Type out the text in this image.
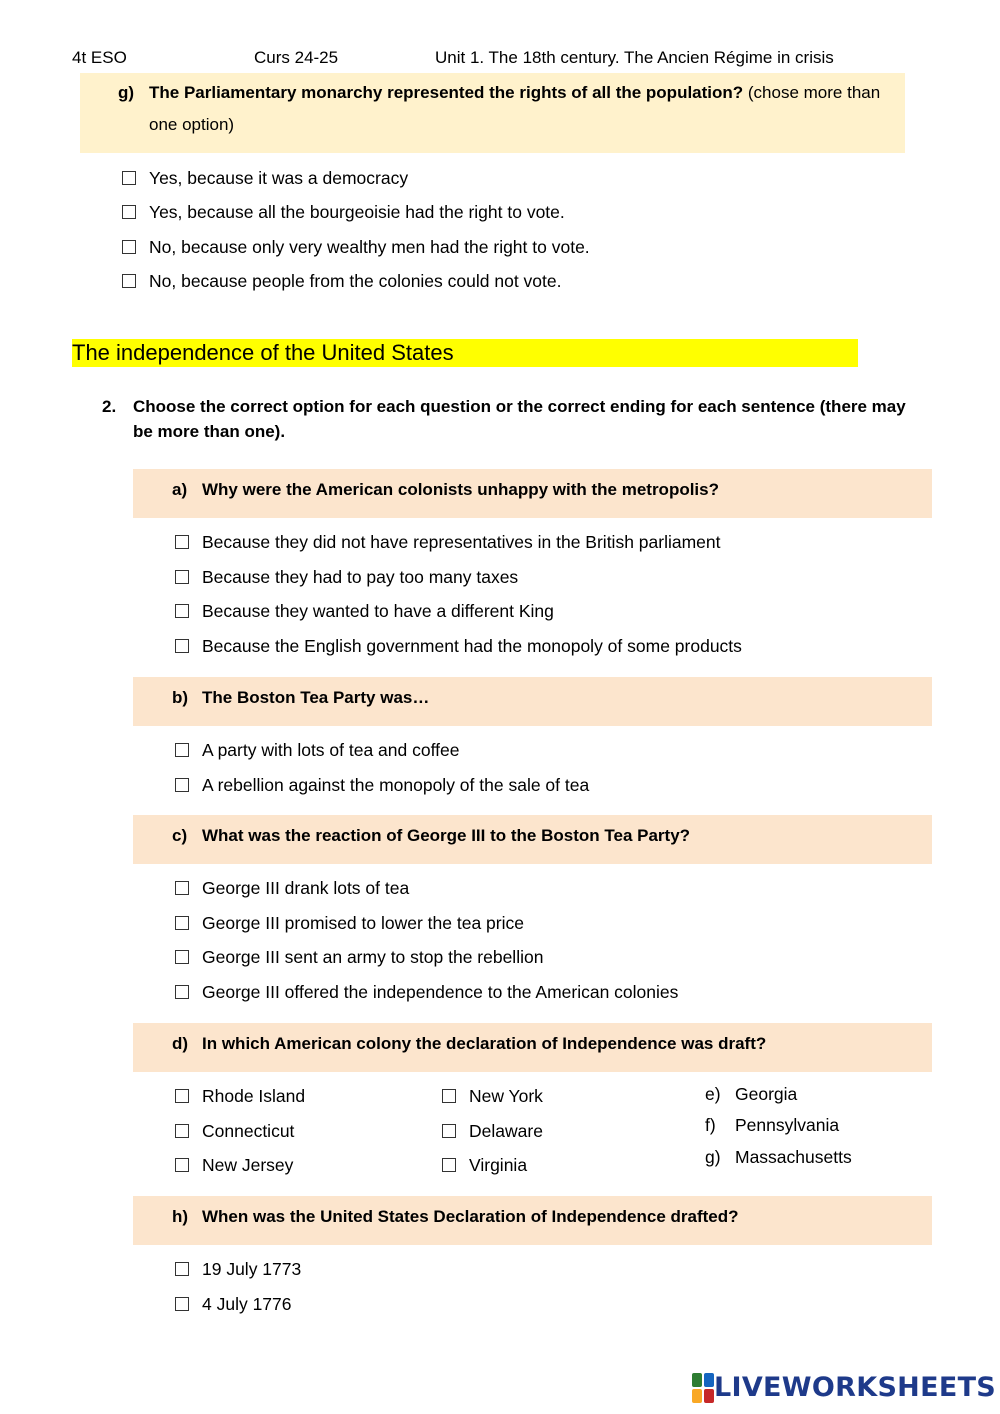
4t ESO	Curs 24-25	Unit 1. The 18th century. The Ancien Régime in crisis
g) The Parliamentary monarchy represented the rights of all the population? (chose more than one option)
Yes, because it was a democracy
Yes, because all the bourgeoisie had the right to vote.
No, because only very wealthy men had the right to vote.
No, because people from the colonies could not vote.
The independence of the United States
2. Choose the correct option for each question or the correct ending for each sentence (there may be more than one).
a) Why were the American colonists unhappy with the metropolis?
Because they did not have representatives in the British parliament
Because they had to pay too many taxes
Because they wanted to have a different King
Because the English government had the monopoly of some products
b) The Boston Tea Party was…
A party with lots of tea and coffee
A rebellion against the monopoly of the sale of tea
c) What was the reaction of George III to the Boston Tea Party?
George III drank lots of tea
George III promised to lower the tea price
George III sent an army to stop the rebellion
George III offered the independence to the American colonies
d) In which American colony the declaration of Independence was draft?
Rhode Island
Connecticut
New Jersey
New York
Delaware
Virginia
e) Georgia
f) Pennsylvania
g) Massachusetts
h) When was the United States Declaration of Independence drafted?
19 July 1773
4 July 1776
LIVEWORKSHEETS
